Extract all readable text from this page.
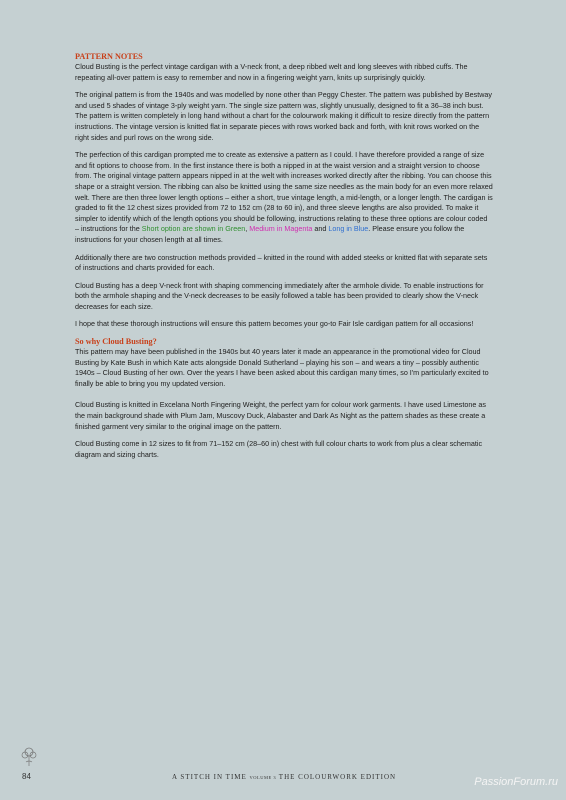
PATTERN NOTES

Cloud Busting is the perfect vintage cardigan with a V-neck front, a deep ribbed welt and long sleeves with ribbed cuffs. The repeating all-over pattern is easy to remember and now in a fingering weight yarn, knits up surprisingly quickly.

The original pattern is from the 1940s and was modelled by none other than Peggy Chester. The pattern was published by Bestway and used 5 shades of vintage 3-ply weight yarn. The single size pattern was, slightly unusually, designed to fit a 36–38 inch bust. The pattern is written completely in long hand without a chart for the colourwork making it difficult to resize directly from the pattern instructions. The vintage version is knitted flat in separate pieces with rows worked back and forth, with knit rows worked on the right sides and purl rows on the wrong side.

The perfection of this cardigan prompted me to create as extensive a pattern as I could. I have therefore provided a range of size and fit options to choose from. In the first instance there is both a nipped in at the waist version and a straight version to choose from. The original vintage pattern appears nipped in at the welt with increases worked directly after the ribbing. You can choose this shape or a straight version. The ribbing can also be knitted using the same size needles as the main body for an even more relaxed welt. There are then three lower length options – either a short, true vintage length, a mid-length, or a longer length. The cardigan is graded to fit the 12 chest sizes provided from 72 to 152 cm (28 to 60 in), and three sleeve lengths are also provided. To make it simpler to identify which of the length options you should be following, instructions relating to these three options are colour coded – instructions for the Short option are shown in Green, Medium in Magenta and Long in Blue. Please ensure you follow the instructions for your chosen length at all times.

Additionally there are two construction methods provided – knitted in the round with added steeks or knitted flat with separate sets of instructions and charts provided for each.

Cloud Busting has a deep V-neck front with shaping commencing immediately after the armhole divide. To enable instructions for both the armhole shaping and the V-neck decreases to be easily followed a table has been provided to clearly show the V-neck decreases for each size.

I hope that these thorough instructions will ensure this pattern becomes your go-to Fair Isle cardigan pattern for all occasions!

So why Cloud Busting?

This pattern may have been published in the 1940s but 40 years later it made an appearance in the promotional video for Cloud Busting by Kate Bush in which Kate acts alongside Donald Sutherland – playing his son – and wears a tiny – possibly authentic 1940s – Cloud Busting of her own. Over the years I have been asked about this cardigan many times, so I'm particularly excited to finally be able to bring you my updated version.

Cloud Busting is knitted in Excelana North Fingering Weight, the perfect yarn for colour work garments. I have used Limestone as the main background shade with Plum Jam, Muscovy Duck, Alabaster and Dark As Night as the pattern shades as these create a finished garment very similar to the original image on the pattern.

Cloud Busting come in 12 sizes to fit from 71–152 cm (28–60 in) chest with full colour charts to work from plus a clear schematic diagram and sizing charts.

84	A STITCH IN TIME VOLUME 3 THE COLOURWORK EDITION	PassionForum.ru
